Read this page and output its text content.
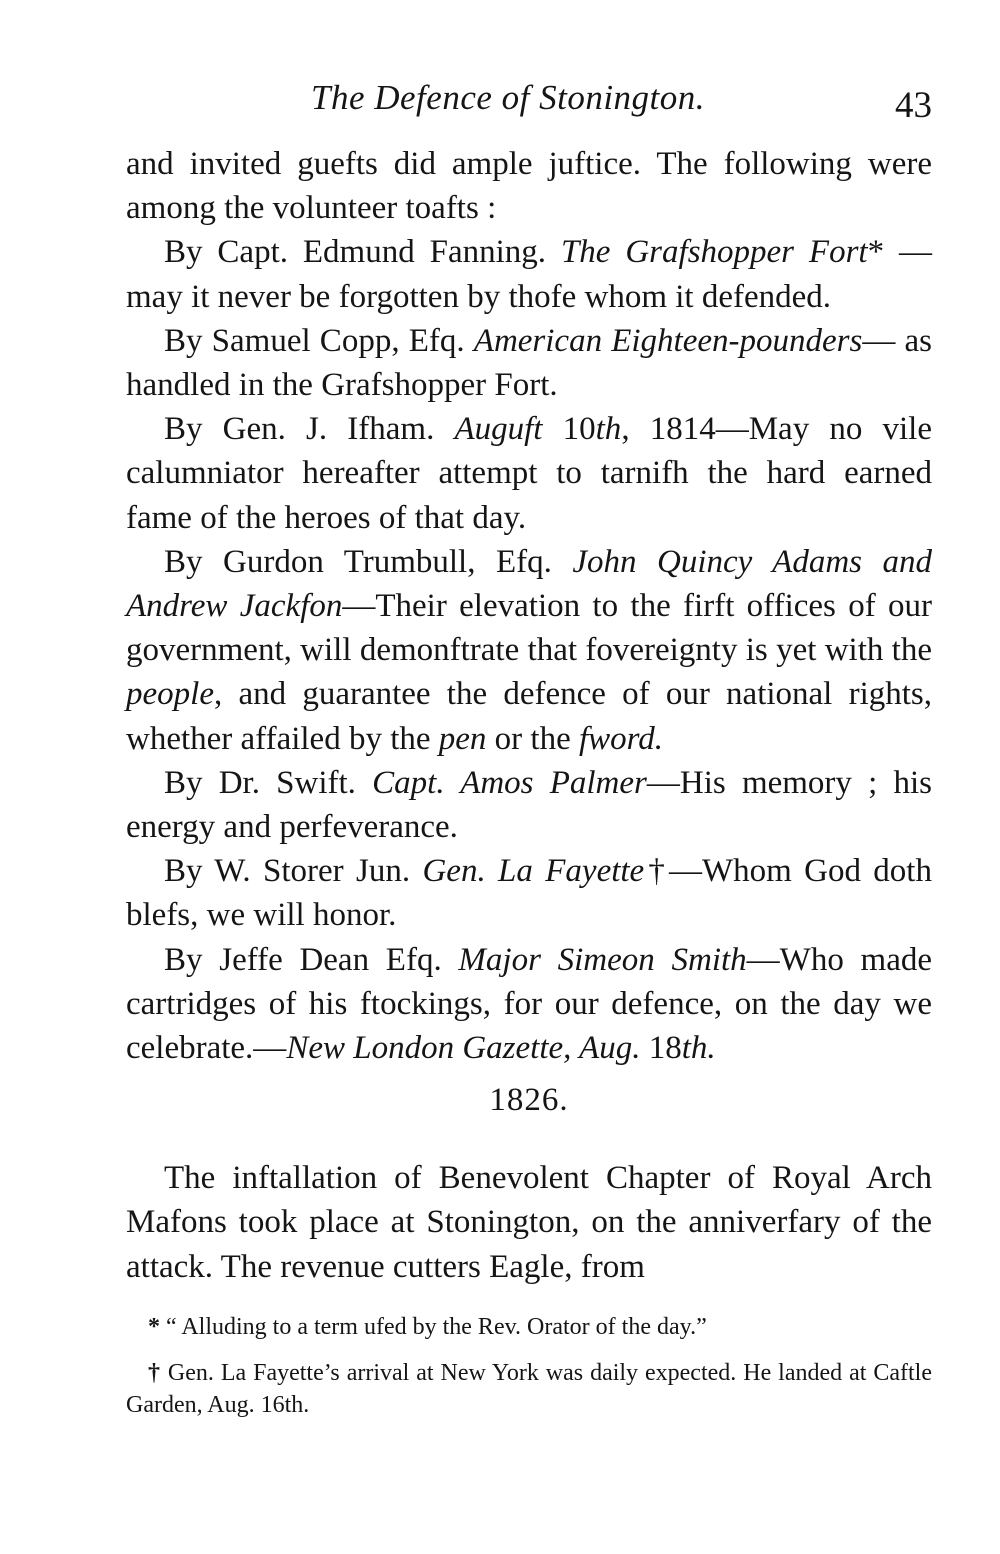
The Defence of Stonington.	43

and invited guefts did ample juftice. The following were among the volunteer toafts :

By Capt. Edmund Fanning. The Grafshopper Fort* —may it never be forgotten by thofe whom it defended.

By Samuel Copp, Efq. American Eighteen-pounders— as handled in the Grafshopper Fort.

By Gen. J. Ifham. Auguft 10th, 1814—May no vile calumniator hereafter attempt to tarnifh the hard earned fame of the heroes of that day.

By Gurdon Trumbull, Efq. John Quincy Adams and Andrew Jackfon—Their elevation to the firft offices of our government, will demonftrate that fovereignty is yet with the people, and guarantee the defence of our national rights, whether affailed by the pen or the fword.

By Dr. Swift. Capt. Amos Palmer—His memory ; his energy and perfeverance.

By W. Storer Jun. Gen. La Fayette†—Whom God doth blefs, we will honor.

By Jeffe Dean Efq. Major Simeon Smith—Who made cartridges of his ftockings, for our defence, on the day we celebrate.—New London Gazette, Aug. 18th.

1826.

The inftallation of Benevolent Chapter of Royal Arch Mafons took place at Stonington, on the anniverfary of the attack. The revenue cutters Eagle, from

* “ Alluding to a term ufed by the Rev. Orator of the day.”

† Gen. La Fayette’s arrival at New York was daily expected. He landed at Caftle Garden, Aug. 16th.
